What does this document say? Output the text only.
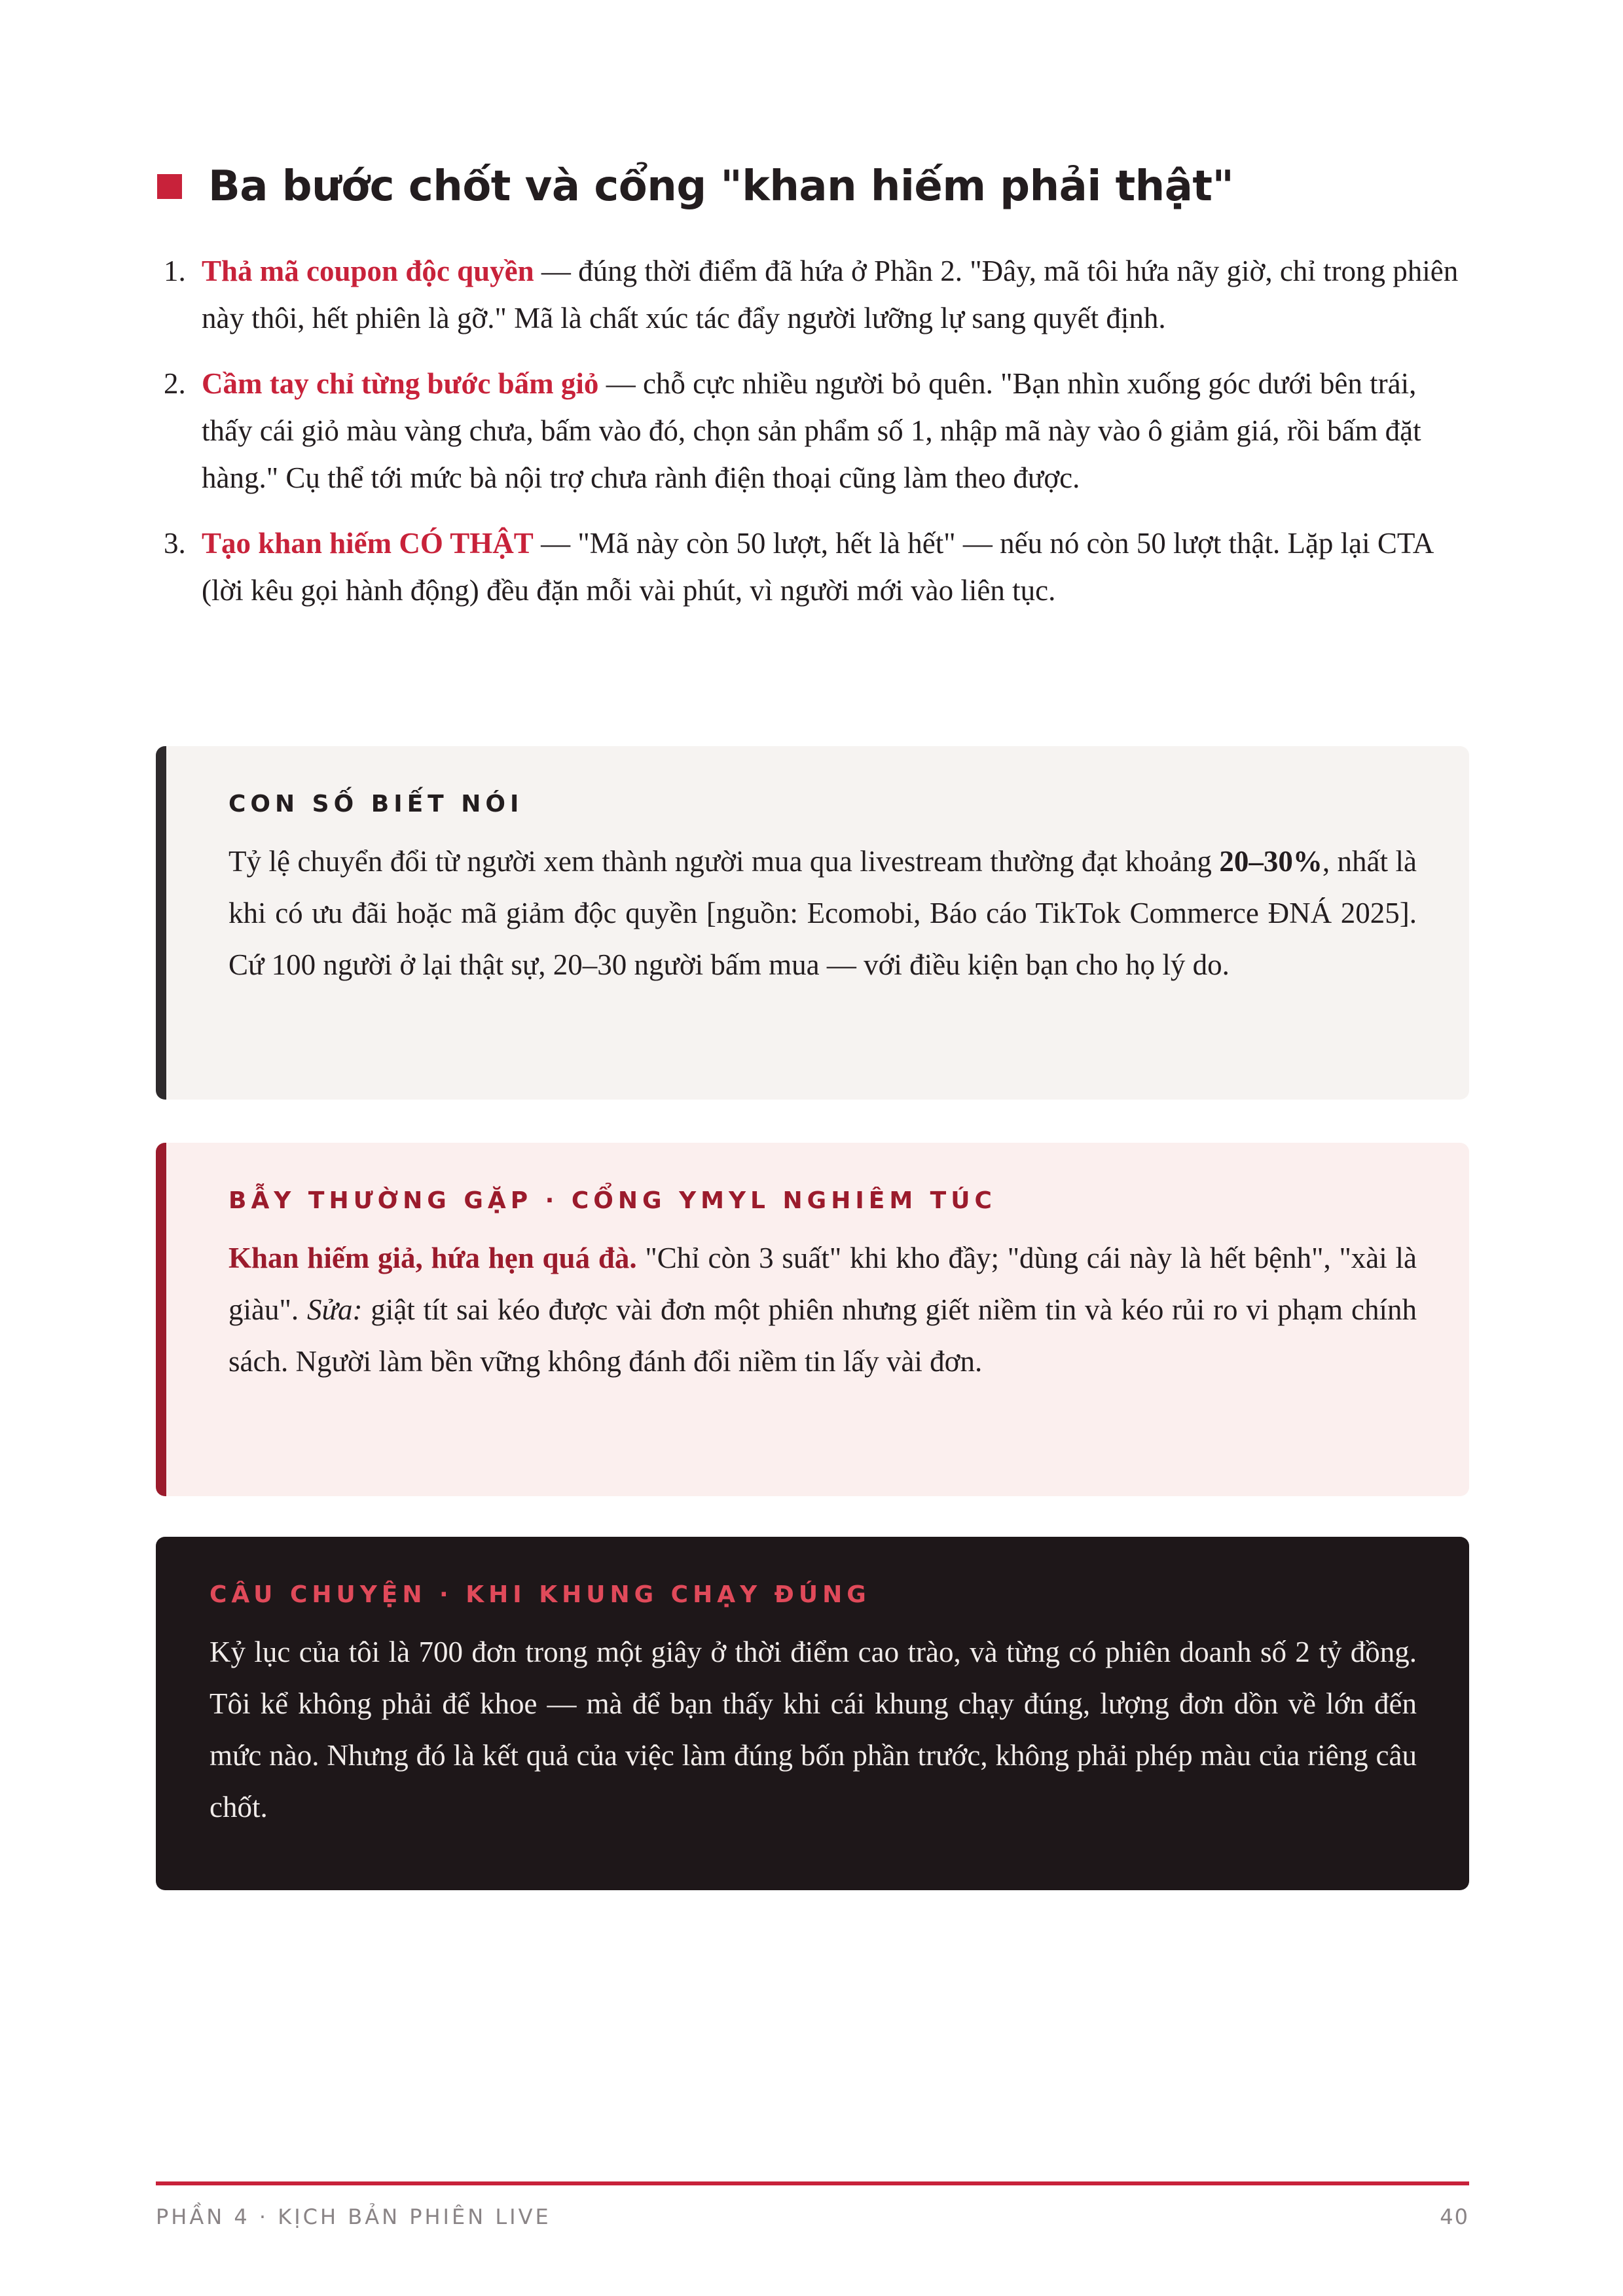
Ba bước chốt và cổng "khan hiếm phải thật"
1. Thả mã coupon độc quyền — đúng thời điểm đã hứa ở Phần 2. "Đây, mã tôi hứa nãy giờ, chỉ trong phiên này thôi, hết phiên là gỡ." Mã là chất xúc tác đẩy người lưỡng lự sang quyết định.
2. Cầm tay chỉ từng bước bấm giỏ — chỗ cực nhiều người bỏ quên. "Bạn nhìn xuống góc dưới bên trái, thấy cái giỏ màu vàng chưa, bấm vào đó, chọn sản phẩm số 1, nhập mã này vào ô giảm giá, rồi bấm đặt hàng." Cụ thể tới mức bà nội trợ chưa rành điện thoại cũng làm theo được.
3. Tạo khan hiếm CÓ THẬT — "Mã này còn 50 lượt, hết là hết" — nếu nó còn 50 lượt thật. Lặp lại CTA (lời kêu gọi hành động) đều đặn mỗi vài phút, vì người mới vào liên tục.
CON SỐ BIẾT NÓI
Tỷ lệ chuyển đổi từ người xem thành người mua qua livestream thường đạt khoảng 20–30%, nhất là khi có ưu đãi hoặc mã giảm độc quyền [nguồn: Ecomobi, Báo cáo TikTok Commerce ĐNÁ 2025]. Cứ 100 người ở lại thật sự, 20–30 người bấm mua — với điều kiện bạn cho họ lý do.
BẪY THƯỜNG GẶP · CỔNG YMYL NGHIÊM TÚC
Khan hiếm giả, hứa hẹn quá đà. "Chỉ còn 3 suất" khi kho đầy; "dùng cái này là hết bệnh", "xài là giàu". Sửa: giật tít sai kéo được vài đơn một phiên nhưng giết niềm tin và kéo rủi ro vi phạm chính sách. Người làm bền vững không đánh đổi niềm tin lấy vài đơn.
CÂU CHUYỆN · KHI KHUNG CHẠY ĐÚNG
Kỷ lục của tôi là 700 đơn trong một giây ở thời điểm cao trào, và từng có phiên doanh số 2 tỷ đồng. Tôi kể không phải để khoe — mà để bạn thấy khi cái khung chạy đúng, lượng đơn dồn về lớn đến mức nào. Nhưng đó là kết quả của việc làm đúng bốn phần trước, không phải phép màu của riêng câu chốt.
PHẦN 4 · KỊCH BẢN PHIÊN LIVE	40
